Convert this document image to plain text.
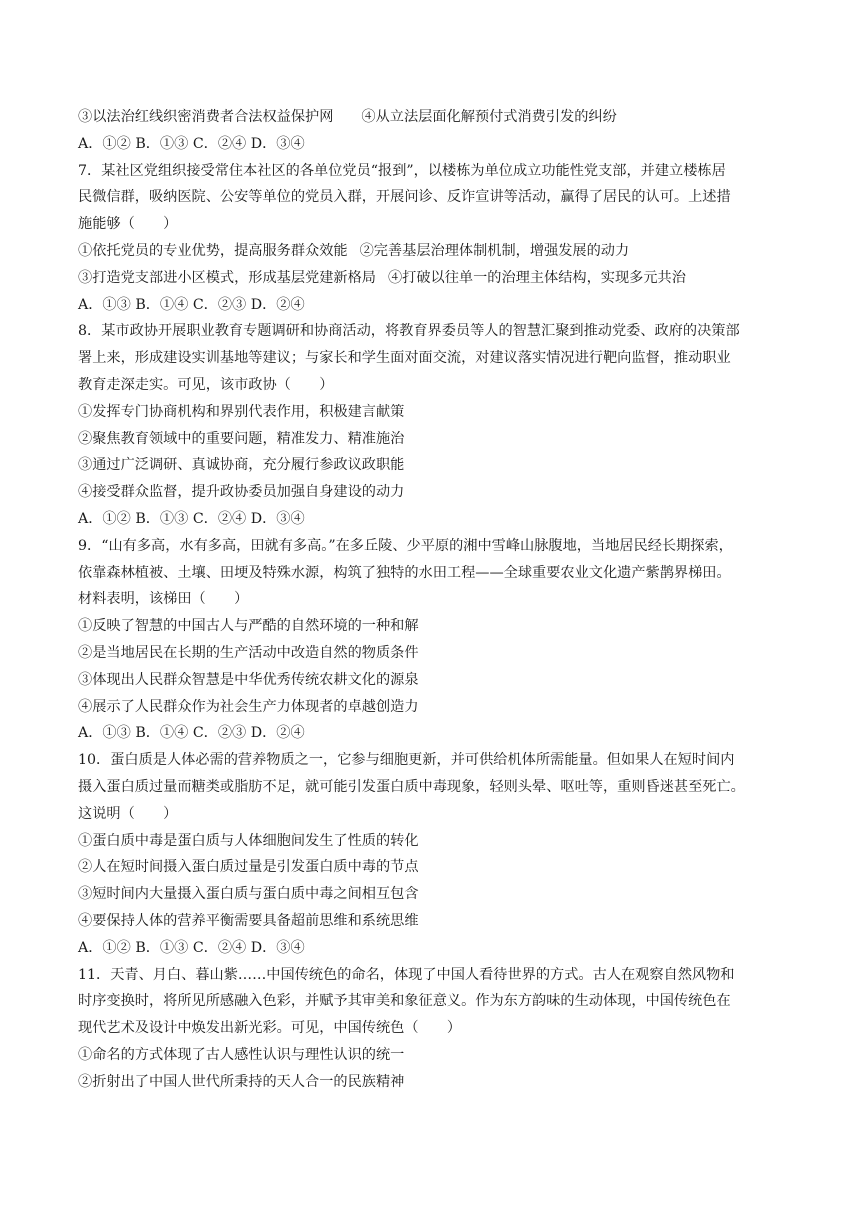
③以法治红线织密消费者合法权益保护网 ④从立法层面化解预付式消费引发的纠纷
A．①② B．①③ C．②④ D．③④
7．某社区党组织接受常住本社区的各单位党员“报到”，以楼栋为单位成立功能性党支部，并建立楼栋居
民微信群，吸纳医院、公安等单位的党员入群，开展问诊、反诈宣讲等活动，赢得了居民的认可。上述措
施能够（　　）
①依托党员的专业优势，提高服务群众效能 ②完善基层治理体制机制，增强发展的动力
③打造党支部进小区模式，形成基层党建新格局 ④打破以往单一的治理主体结构，实现多元共治
A．①③ B．①④ C．②③ D．②④
8．某市政协开展职业教育专题调研和协商活动，将教育界委员等人的智慧汇聚到推动党委、政府的决策部
署上来，形成建设实训基地等建议；与家长和学生面对面交流，对建议落实情况进行靶向监督，推动职业
教育走深走实。可见，该市政协（　　）
①发挥专门协商机构和界别代表作用，积极建言献策
②聚焦教育领域中的重要问题，精准发力、精准施治
③通过广泛调研、真诚协商，充分履行参政议政职能
④接受群众监督，提升政协委员加强自身建设的动力
A．①② B．①③ C．②④ D．③④
9．“山有多高，水有多高，田就有多高。”在多丘陵、少平原的湘中雪峰山脉腹地，当地居民经长期探索，
依靠森林植被、土壤、田埂及特殊水源，构筑了独特的水田工程——全球重要农业文化遗产紫鹊界梯田。
材料表明，该梯田（　　）
①反映了智慧的中国古人与严酷的自然环境的一种和解
②是当地居民在长期的生产活动中改造自然的物质条件
③体现出人民群众智慧是中华优秀传统农耕文化的源泉
④展示了人民群众作为社会生产力体现者的卓越创造力
A．①③ B．①④ C．②③ D．②④
10．蛋白质是人体必需的营养物质之一，它参与细胞更新，并可供给机体所需能量。但如果人在短时间内
摄入蛋白质过量而糖类或脂肪不足，就可能引发蛋白质中毒现象，轻则头晕、呕吐等，重则昏迷甚至死亡。
这说明（　　）
①蛋白质中毒是蛋白质与人体细胞间发生了性质的转化
②人在短时间摄入蛋白质过量是引发蛋白质中毒的节点
③短时间内大量摄入蛋白质与蛋白质中毒之间相互包含
④要保持人体的营养平衡需要具备超前思维和系统思维
A．①② B．①③ C．②④ D．③④
11．天青、月白、暮山紫……中国传统色的命名，体现了中国人看待世界的方式。古人在观察自然风物和
时序变换时，将所见所感融入色彩，并赋予其审美和象征意义。作为东方韵味的生动体现，中国传统色在
现代艺术及设计中焕发出新光彩。可见，中国传统色（　　）
①命名的方式体现了古人感性认识与理性认识的统一
②折射出了中国人世代所秉持的天人合一的民族精神
